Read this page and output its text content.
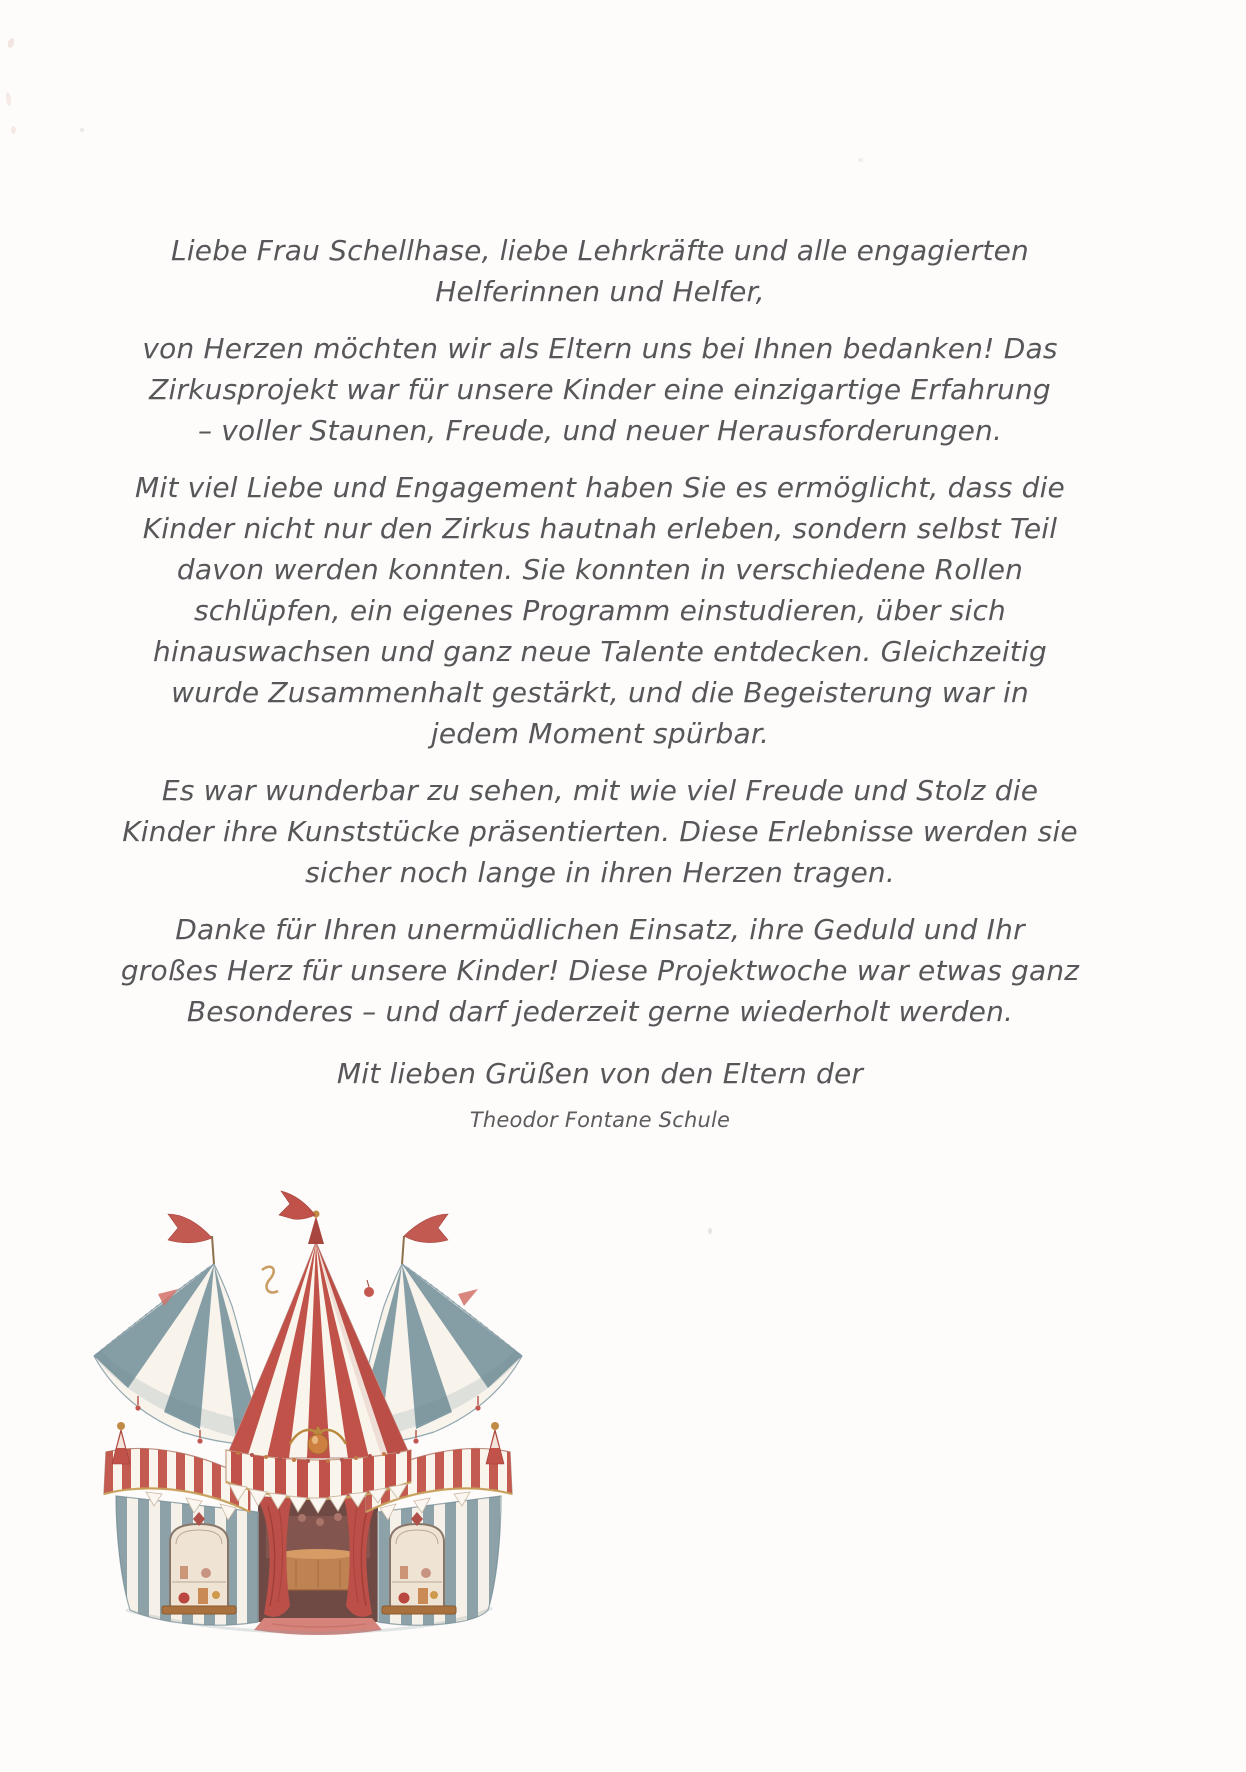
Liebe Frau Schellhase, liebe Lehrkräfte und alle engagierten
Helferinnen und Helfer,

von Herzen möchten wir als Eltern uns bei Ihnen bedanken! Das
Zirkusprojekt war für unsere Kinder eine einzigartige Erfahrung
– voller Staunen, Freude, und neuer Herausforderungen.

Mit viel Liebe und Engagement haben Sie es ermöglicht, dass die
Kinder nicht nur den Zirkus hautnah erleben, sondern selbst Teil
davon werden konnten. Sie konnten in verschiedene Rollen
schlüpfen, ein eigenes Programm einstudieren, über sich
hinauswachsen und ganz neue Talente entdecken. Gleichzeitig
wurde Zusammenhalt gestärkt, und die Begeisterung war in
jedem Moment spürbar.

Es war wunderbar zu sehen, mit wie viel Freude und Stolz die
Kinder ihre Kunststücke präsentierten. Diese Erlebnisse werden sie
sicher noch lange in ihren Herzen tragen.

Danke für Ihren unermüdlichen Einsatz, ihre Geduld und Ihr
großes Herz für unsere Kinder! Diese Projektwoche war etwas ganz
Besonderes – und darf jederzeit gerne wiederholt werden.

Mit lieben Grüßen von den Eltern der
Theodor Fontane Schule
